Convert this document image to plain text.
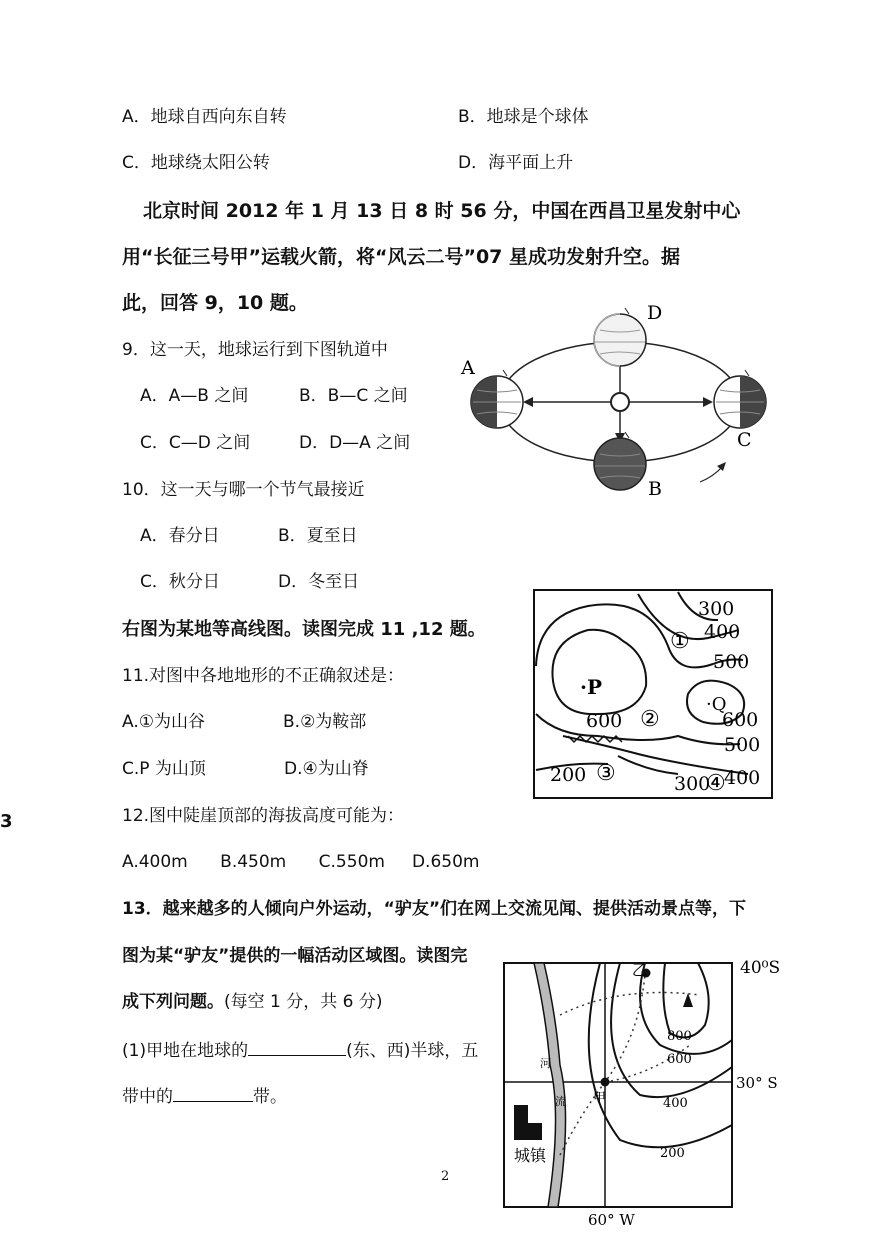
A．地球自西向东自转	B．地球是个球体
C．地球绕太阳公转	D．海平面上升
北京时间 2012 年 1 月 13 日 8 时 56 分，中国在西昌卫星发射中心
用“长征三号甲”运载火箭，将“风云二号”07 星成功发射升空。据
此，回答 9，10 题。
9．这一天，地球运行到下图轨道中
A．A—B 之间	B．B—C 之间
C．C—D 之间	D．D—A 之间
10．这一天与哪一个节气最接近
A．春分日	B．夏至日
C．秋分日	D．冬至日
A
D
C
B
右图为某地等高线图。读图完成 11 ,12 题。
11.对图中各地地形的不正确叙述是：
A.①为山谷	B.②为鞍部
C.P 为山顶	D.④为山脊
12.图中陡崖顶部的海拔高度可能为：
A.400m      B.450m      C.550m     D.650m
300
400
500
·P
·Q
600	600
500
200	300 400
①
②
③	④
13．越来越多的人倾向户外运动，“驴友”们在网上交流见闻、提供活动景点等，下
图为某“驴友”提供的一幅活动区域图。读图完
成下列问题。(每空 1 分，共 6 分)
(1)甲地在地球的	(东、西)半球，五
带中的	带。
乙
甲
河
流
城镇
800
600
400
200
40⁰S
30° S
60° W
2
3
